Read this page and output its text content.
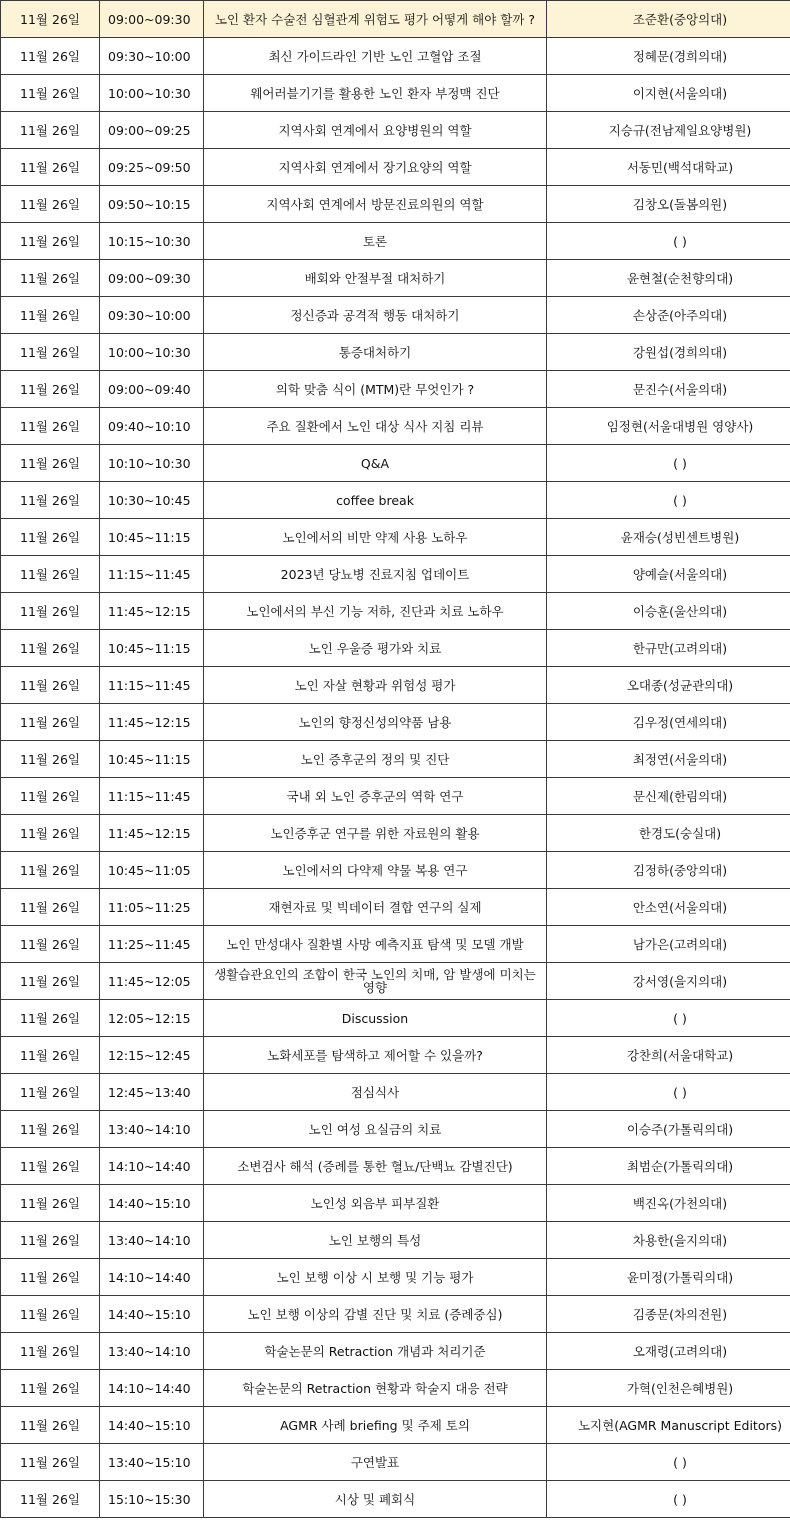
11월 26일	09:00~09:30	노인 환자 수술전 심혈관계 위험도 평가 어떻게 해야 할까 ?	조준환(중앙의대)
11월 26일	09:30~10:00	최신 가이드라인 기반 노인 고혈압 조절	정혜문(경희의대)
11월 26일	10:00~10:30	웨어러블기기를 활용한 노인 환자 부정맥 진단	이지현(서울의대)
11월 26일	09:00~09:25	지역사회 연계에서 요양병원의 역할	지승규(전남제일요양병원)
11월 26일	09:25~09:50	지역사회 연계에서 장기요양의 역할	서동민(백석대학교)
11월 26일	09:50~10:15	지역사회 연계에서 방문진료의원의 역할	김창오(돌봄의원)
11월 26일	10:15~10:30	토론	( )
11월 26일	09:00~09:30	배회와 안절부절 대처하기	윤현철(순천향의대)
11월 26일	09:30~10:00	정신증과 공격적 행동 대처하기	손상준(아주의대)
11월 26일	10:00~10:30	통증대처하기	강원섭(경희의대)
11월 26일	09:00~09:40	의학 맞춤 식이 (MTM)란 무엇인가 ?	문진수(서울의대)
11월 26일	09:40~10:10	주요 질환에서 노인 대상 식사 지침 리뷰	임정현(서울대병원 영양사)
11월 26일	10:10~10:30	Q&A	( )
11월 26일	10:30~10:45	coffee break	( )
11월 26일	10:45~11:15	노인에서의 비만 약제 사용 노하우	윤재승(성빈센트병원)
11월 26일	11:15~11:45	2023년 당뇨병 진료지침 업데이트	양예슬(서울의대)
11월 26일	11:45~12:15	노인에서의 부신 기능 저하, 진단과 치료 노하우	이승훈(울산의대)
11월 26일	10:45~11:15	노인 우울증 평가와 치료	한규만(고려의대)
11월 26일	11:15~11:45	노인 자살 현황과 위험성 평가	오대종(성균관의대)
11월 26일	11:45~12:15	노인의 향정신성의약품 남용	김우정(연세의대)
11월 26일	10:45~11:15	노인 증후군의 정의 및 진단	최정연(서울의대)
11월 26일	11:15~11:45	국내 외 노인 증후군의 역학 연구	문신제(한림의대)
11월 26일	11:45~12:15	노인증후군 연구를 위한 자료원의 활용	한경도(숭실대)
11월 26일	10:45~11:05	노인에서의 다약제 약물 복용 연구	김정하(중앙의대)
11월 26일	11:05~11:25	재현자료 및 빅데이터 결합 연구의 실제	안소연(서울의대)
11월 26일	11:25~11:45	노인 만성대사 질환별 사망 예측지표 탐색 및 모델 개발	남가은(고려의대)
11월 26일	11:45~12:05	생활습관요인의 조합이 한국 노인의 치매, 암 발생에 미치는 영향	강서영(을지의대)
11월 26일	12:05~12:15	Discussion	( )
11월 26일	12:15~12:45	노화세포를 탐색하고 제어할 수 있을까?	강찬희(서울대학교)
11월 26일	12:45~13:40	점심식사	( )
11월 26일	13:40~14:10	노인 여성 요실금의 치료	이승주(가톨릭의대)
11월 26일	14:10~14:40	소변검사 해석 (증례를 통한 혈뇨/단백뇨 감별진단)	최범순(가톨릭의대)
11월 26일	14:40~15:10	노인성 외음부 피부질환	백진옥(가천의대)
11월 26일	13:40~14:10	노인 보행의 특성	차용한(을지의대)
11월 26일	14:10~14:40	노인 보행 이상 시 보행 및 기능 평가	윤미정(가톨릭의대)
11월 26일	14:40~15:10	노인 보행 이상의 감별 진단 및 치료 (증례중심)	김종문(차의전원)
11월 26일	13:40~14:10	학술논문의 Retraction 개념과 처리기준	오재령(고려의대)
11월 26일	14:10~14:40	학술논문의 Retraction 현황과 학술지 대응 전략	가혁(인천은혜병원)
11월 26일	14:40~15:10	AGMR 사례 briefing 및 주제 토의	노지현(AGMR Manuscript Editors)
11월 26일	13:40~15:10	구연발표	( )
11월 26일	15:10~15:30	시상 및 폐회식	( )
